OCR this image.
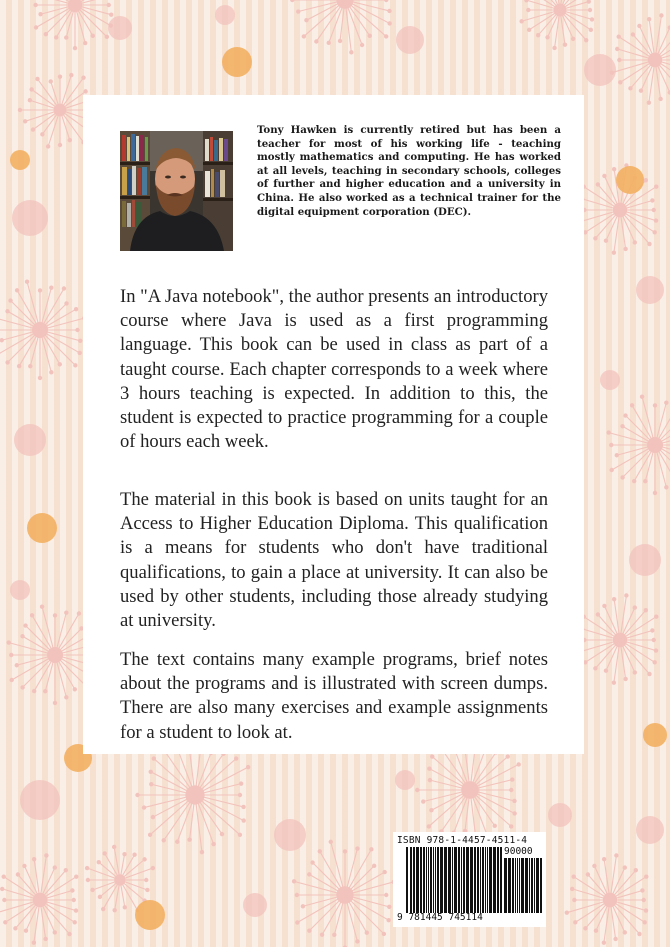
Tony Hawken is currently retired but has been a teacher for most of his working life - teaching mostly mathematics and computing. He has worked at all levels, teaching in secondary schools, colleges of further and higher education and a university in China. He also worked as a technical trainer for the digital equipment corporation (DEC).

In "A Java notebook", the author presents an introductory course where Java is used as a first programming language. This book can be used in class as part of a taught course. Each chapter corresponds to a week where 3 hours teaching is expected. In addition to this, the student is expected to practice programming for a couple of hours each week.

The material in this book is based on units taught for an Access to Higher Education Diploma. This qualification is a means for students who don't have traditional qualifications, to gain a place at university. It can also be used by other students, including those already studying at university.

The text contains many example programs, brief notes about the programs and is illustrated with screen dumps. There are also many exercises and example assignments for a student to look at.

ISBN 978-1-4457-4511-4
90000
9 781445 745114
